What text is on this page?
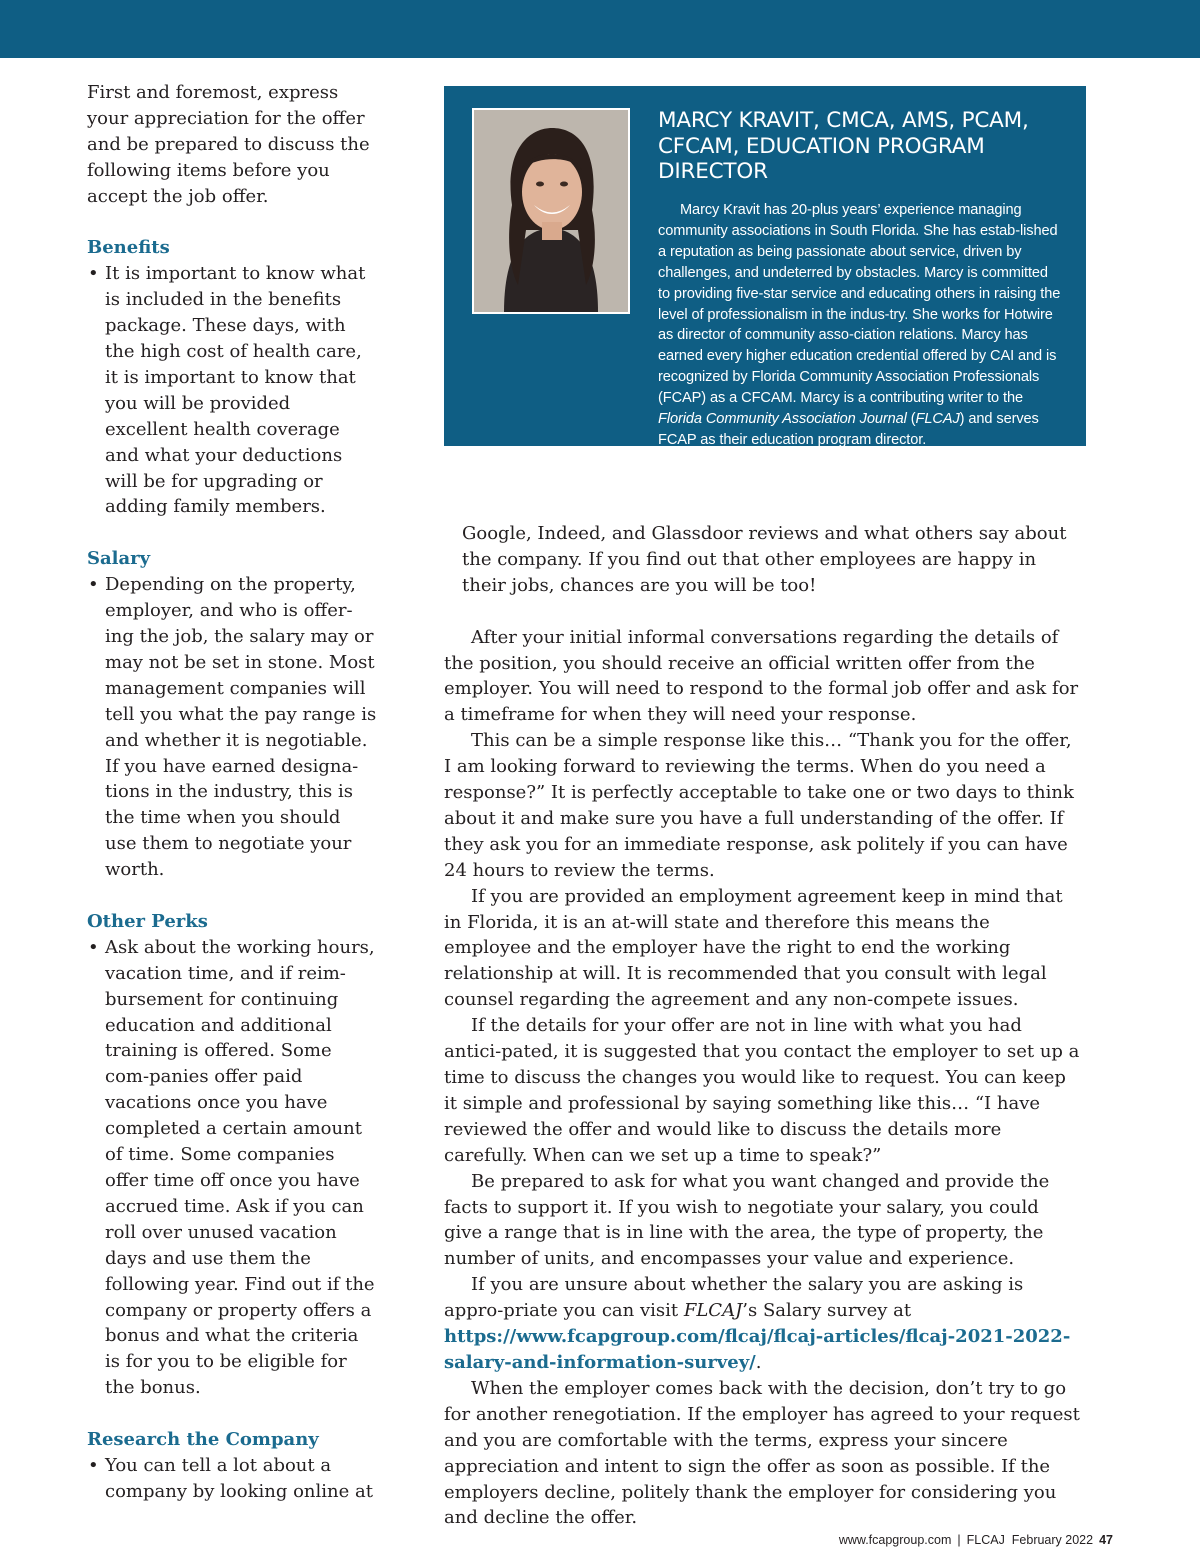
First and foremost, express your appreciation for the offer and be prepared to discuss the following items before you accept the job offer.

Benefits

• It is important to know what is included in the benefits package. These days, with the high cost of health care, it is important to know that you will be provided excellent health coverage and what your deductions will be for upgrading or adding family members.

Salary

• Depending on the property, employer, and who is offer-ing the job, the salary may or may not be set in stone. Most management companies will tell you what the pay range is and whether it is negotiable. If you have earned designa-tions in the industry, this is the time when you should use them to negotiate your worth.

Other Perks

• Ask about the working hours, vacation time, and if reim-bursement for continuing education and additional training is offered. Some com-panies offer paid vacations once you have completed a certain amount of time. Some companies offer time off once you have accrued time. Ask if you can roll over unused vacation days and use them the following year. Find out if the company or property offers a bonus and what the criteria is for you to be eligible for the bonus.

Research the Company

• You can tell a lot about a company by looking online at

MARCY KRAVIT, CMCA, AMS, PCAM, CFCAM, EDUCATION PROGRAM DIRECTOR
Marcy Kravit has 20-plus years’ experience managing community associations in South Florida. She has estab-lished a reputation as being passionate about service, driven by challenges, and undeterred by obstacles. Marcy is committed to providing five-star service and educating others in raising the level of professionalism in the indus-try. She works for Hotwire as director of community asso-ciation relations. Marcy has earned every higher education credential offered by CAI and is recognized by Florida Community Association Professionals (FCAP) as a CFCAM. Marcy is a contributing writer to the Florida Community Association Journal (FLCAJ) and serves FCAP as their education program director.

Google, Indeed, and Glassdoor reviews and what others say about the company. If you find out that other employees are happy in their jobs, chances are you will be too!

After your initial informal conversations regarding the details of the position, you should receive an official written offer from the employer. You will need to respond to the formal job offer and ask for a timeframe for when they will need your response.

This can be a simple response like this… “Thank you for the offer, I am looking forward to reviewing the terms. When do you need a response?” It is perfectly acceptable to take one or two days to think about it and make sure you have a full understanding of the offer. If they ask you for an immediate response, ask politely if you can have 24 hours to review the terms.

If you are provided an employment agreement keep in mind that in Florida, it is an at-will state and therefore this means the employee and the employer have the right to end the working relationship at will. It is recommended that you consult with legal counsel regarding the agreement and any non-compete issues.

If the details for your offer are not in line with what you had antici-pated, it is suggested that you contact the employer to set up a time to discuss the changes you would like to request. You can keep it simple and professional by saying something like this… “I have reviewed the offer and would like to discuss the details more carefully. When can we set up a time to speak?”

Be prepared to ask for what you want changed and provide the facts to support it. If you wish to negotiate your salary, you could give a range that is in line with the area, the type of property, the number of units, and encompasses your value and experience.

If you are unsure about whether the salary you are asking is appro-priate you can visit FLCAJ’s Salary survey at https://www.fcapgroup.com/flcaj/flcaj-articles/flcaj-2021-2022-salary-and-information-survey/.

When the employer comes back with the decision, don’t try to go for another renegotiation. If the employer has agreed to your request and you are comfortable with the terms, express your sincere appreciation and intent to sign the offer as soon as possible. If the employers decline, politely thank the employer for considering you and decline the offer.

www.fcapgroup.com | FLCAJ February 2022 47
